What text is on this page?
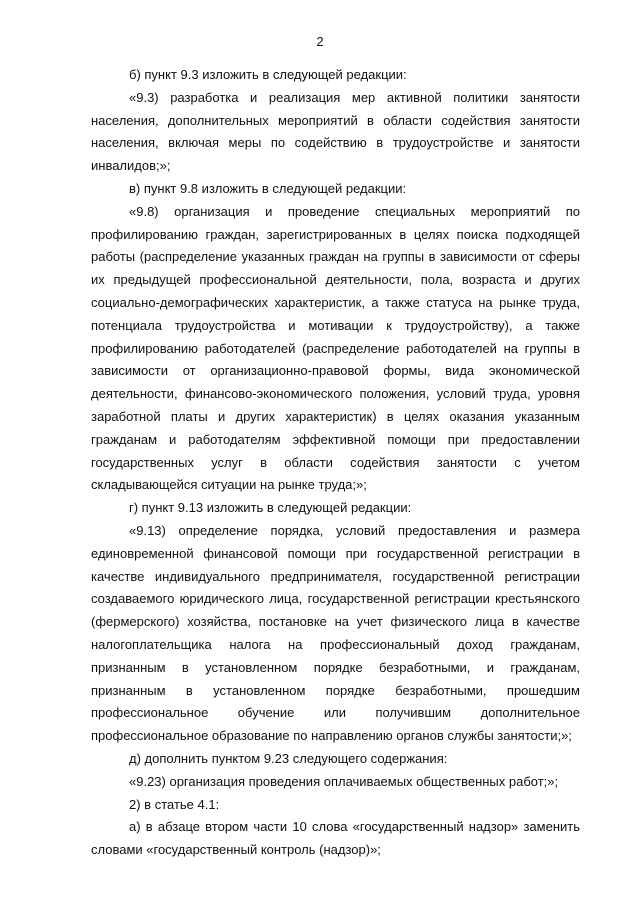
2

б) пункт 9.3 изложить в следующей редакции:

«9.3) разработка и реализация мер активной политики занятости населения, дополнительных мероприятий в области содействия занятости населения, включая меры по содействию в трудоустройстве и занятости инвалидов;»;

в) пункт 9.8 изложить в следующей редакции:

«9.8) организация и проведение специальных мероприятий по профилированию граждан, зарегистрированных в целях поиска подходящей работы (распределение указанных граждан на группы в зависимости от сферы их предыдущей профессиональной деятельности, пола, возраста и других социально-демографических характеристик, а также статуса на рынке труда, потенциала трудоустройства и мотивации к трудоустройству), а также профилированию работодателей (распределение работодателей на группы в зависимости от организационно-правовой формы, вида экономической деятельности, финансово-экономического положения, условий труда, уровня заработной платы и других характеристик) в целях оказания указанным гражданам и работодателям эффективной помощи при предоставлении государственных услуг в области содействия занятости с учетом складывающейся ситуации на рынке труда;»;

г) пункт 9.13 изложить в следующей редакции:

«9.13) определение порядка, условий предоставления и размера единовременной финансовой помощи при государственной регистрации в качестве индивидуального предпринимателя, государственной регистрации создаваемого юридического лица, государственной регистрации крестьянского (фермерского) хозяйства, постановке на учет физического лица в качестве налогоплательщика налога на профессиональный доход гражданам, признанным в установленном порядке безработными, и гражданам, признанным в установленном порядке безработными, прошедшим профессиональное обучение или получившим дополнительное профессиональное образование по направлению органов службы занятости;»;

д) дополнить пунктом 9.23 следующего содержания:

«9.23) организация проведения оплачиваемых общественных работ;»;

2) в статье 4.1:

а) в абзаце втором части 10 слова «государственный надзор» заменить словами «государственный контроль (надзор)»;
